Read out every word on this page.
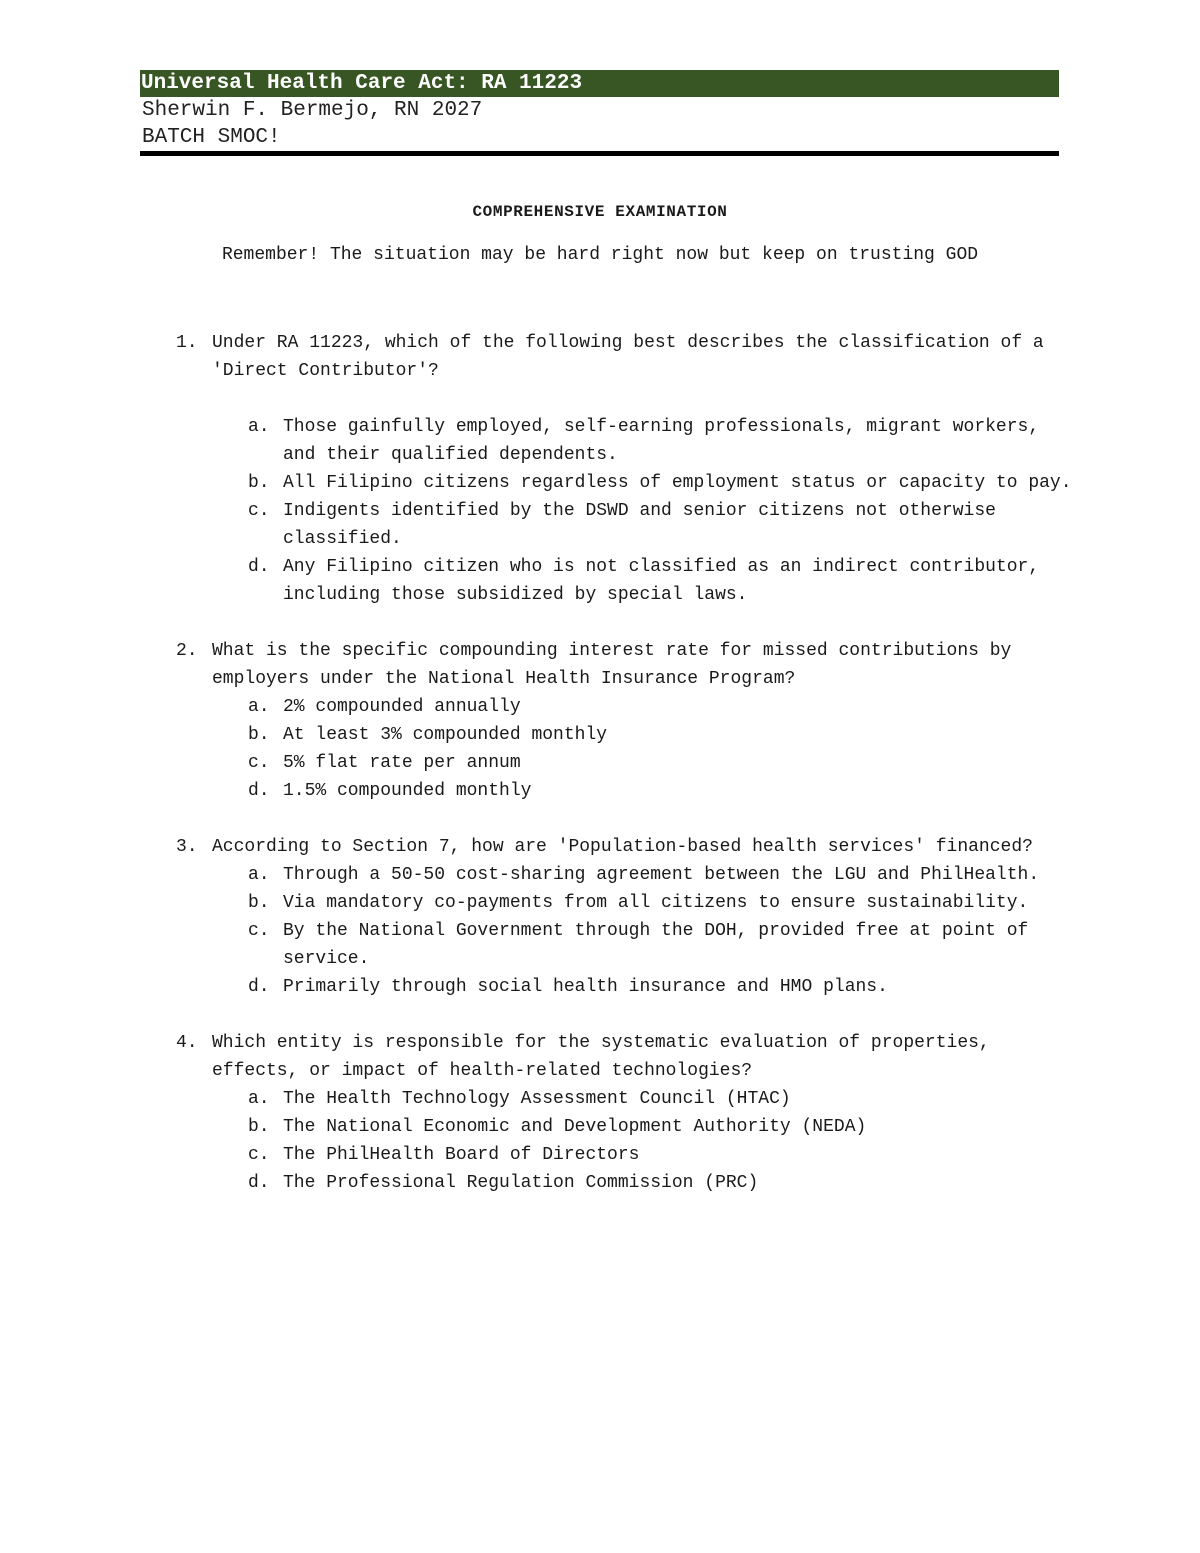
Universal Health Care Act: RA 11223
Sherwin F. Bermejo, RN 2027
BATCH SMOC!
COMPREHENSIVE EXAMINATION
Remember! The situation may be hard right now but keep on trusting GOD
1. Under RA 11223, which of the following best describes the classification of a 'Direct Contributor'?
a. Those gainfully employed, self-earning professionals, migrant workers, and their qualified dependents.
b. All Filipino citizens regardless of employment status or capacity to pay.
c. Indigents identified by the DSWD and senior citizens not otherwise classified.
d. Any Filipino citizen who is not classified as an indirect contributor, including those subsidized by special laws.
2. What is the specific compounding interest rate for missed contributions by employers under the National Health Insurance Program?
a. 2% compounded annually
b. At least 3% compounded monthly
c. 5% flat rate per annum
d. 1.5% compounded monthly
3. According to Section 7, how are 'Population-based health services' financed?
a. Through a 50-50 cost-sharing agreement between the LGU and PhilHealth.
b. Via mandatory co-payments from all citizens to ensure sustainability.
c. By the National Government through the DOH, provided free at point of service.
d. Primarily through social health insurance and HMO plans.
4. Which entity is responsible for the systematic evaluation of properties, effects, or impact of health-related technologies?
a. The Health Technology Assessment Council (HTAC)
b. The National Economic and Development Authority (NEDA)
c. The PhilHealth Board of Directors
d. The Professional Regulation Commission (PRC)
